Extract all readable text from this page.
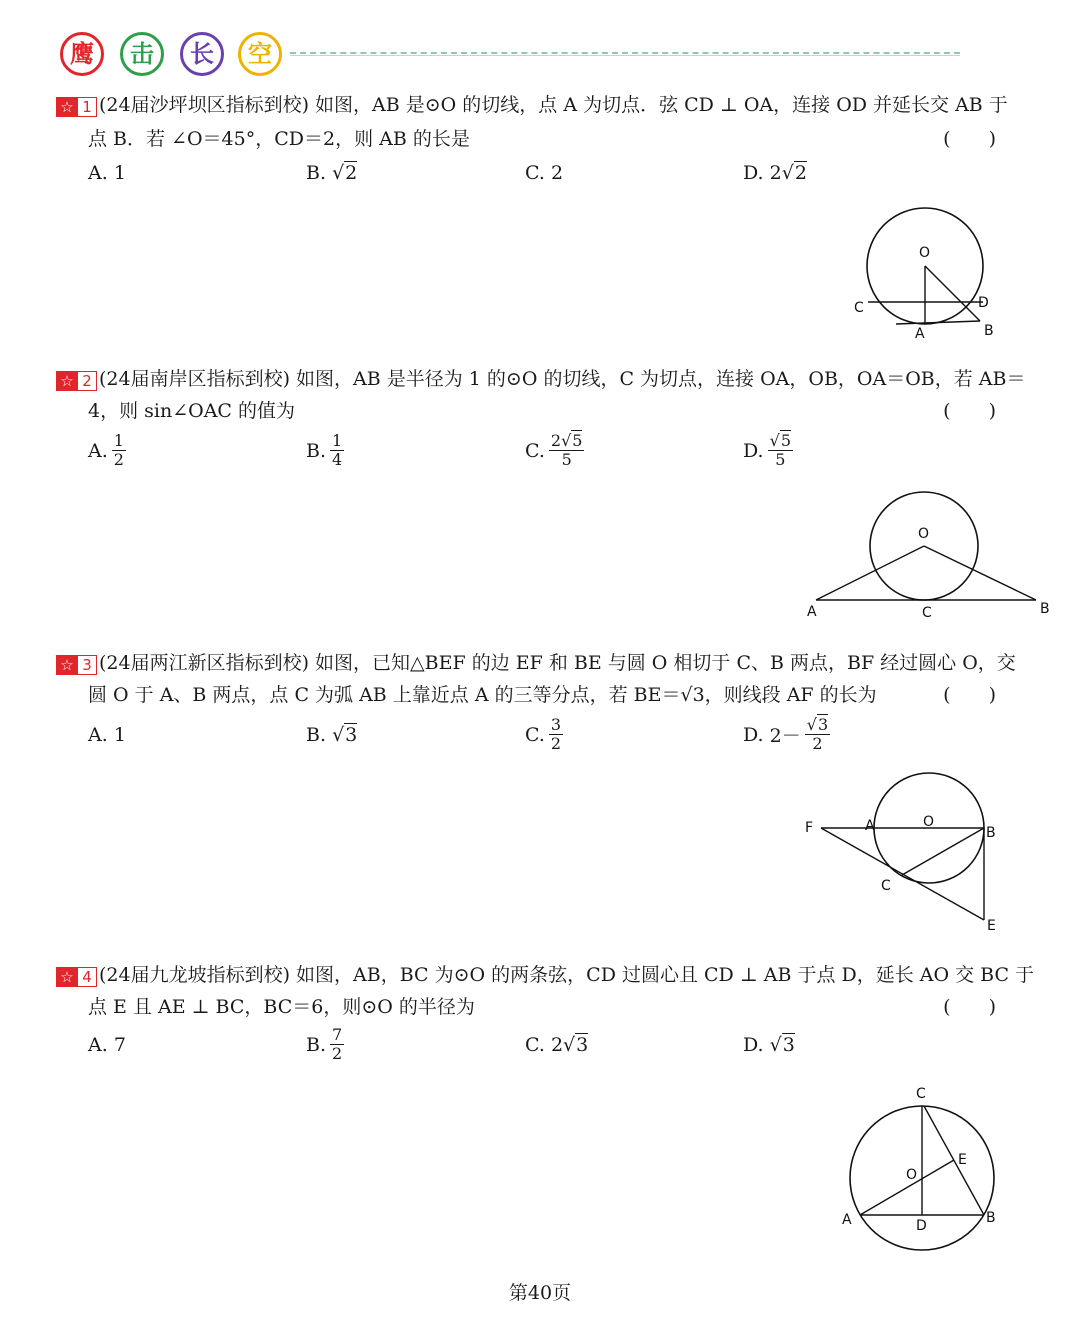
鹰 击 长 空
☆ 1 (24届沙坪坝区指标到校) 如图，AB 是⊙O 的切线，点 A 为切点．弦 CD ⊥ OA，连接 OD 并延长交 AB 于
点 B．若 ∠O＝45°，CD＝2，则 AB 的长是	(　　)
A.
1	B.
√2	C.
2	D.
2 √2
O
C	D
A	B
☆ 2 (24届南岸区指标到校) 如图，AB 是半径为 1 的⊙O 的切线，C 为切点，连接 OA，OB，OA＝OB，若 AB＝
4，则 sin∠OAC 的值为	(　　)
A. $\frac{1}{2}$	B. $\frac{1}{4}$	C. $\frac{2√5}{5}$	D. $\frac{√5}{5}$
O
A	C	B
☆ 3 (24届两江新区指标到校) 如图，已知△BEF 的边 EF 和 BE 与圆 O 相切于 C、B 两点，BF 经过圆心 O，交
圆 O 于 A、B 两点，点 C 为弧 AB 上靠近点 A 的三等分点，若 BE＝√3，则线段 AF 的长为	(　　)
A.
1	B.
√3	C. $\frac{3}{2}$	D.
$2- \frac{√3}{2}$
F	A	O
B
C
E
☆ 4 (24届九龙坡指标到校) 如图，AB，BC 为⊙O 的两条弦，CD 过圆心且 CD ⊥ AB 于点 D，延长 AO 交 BC 于
点 E 且 AE ⊥ BC，BC＝6，则⊙O 的半径为	(　　)
A.
7	B. $\frac{7}{2}$	C.
2 √3	D.
√3
C
E
O
A	D	B
第40页
